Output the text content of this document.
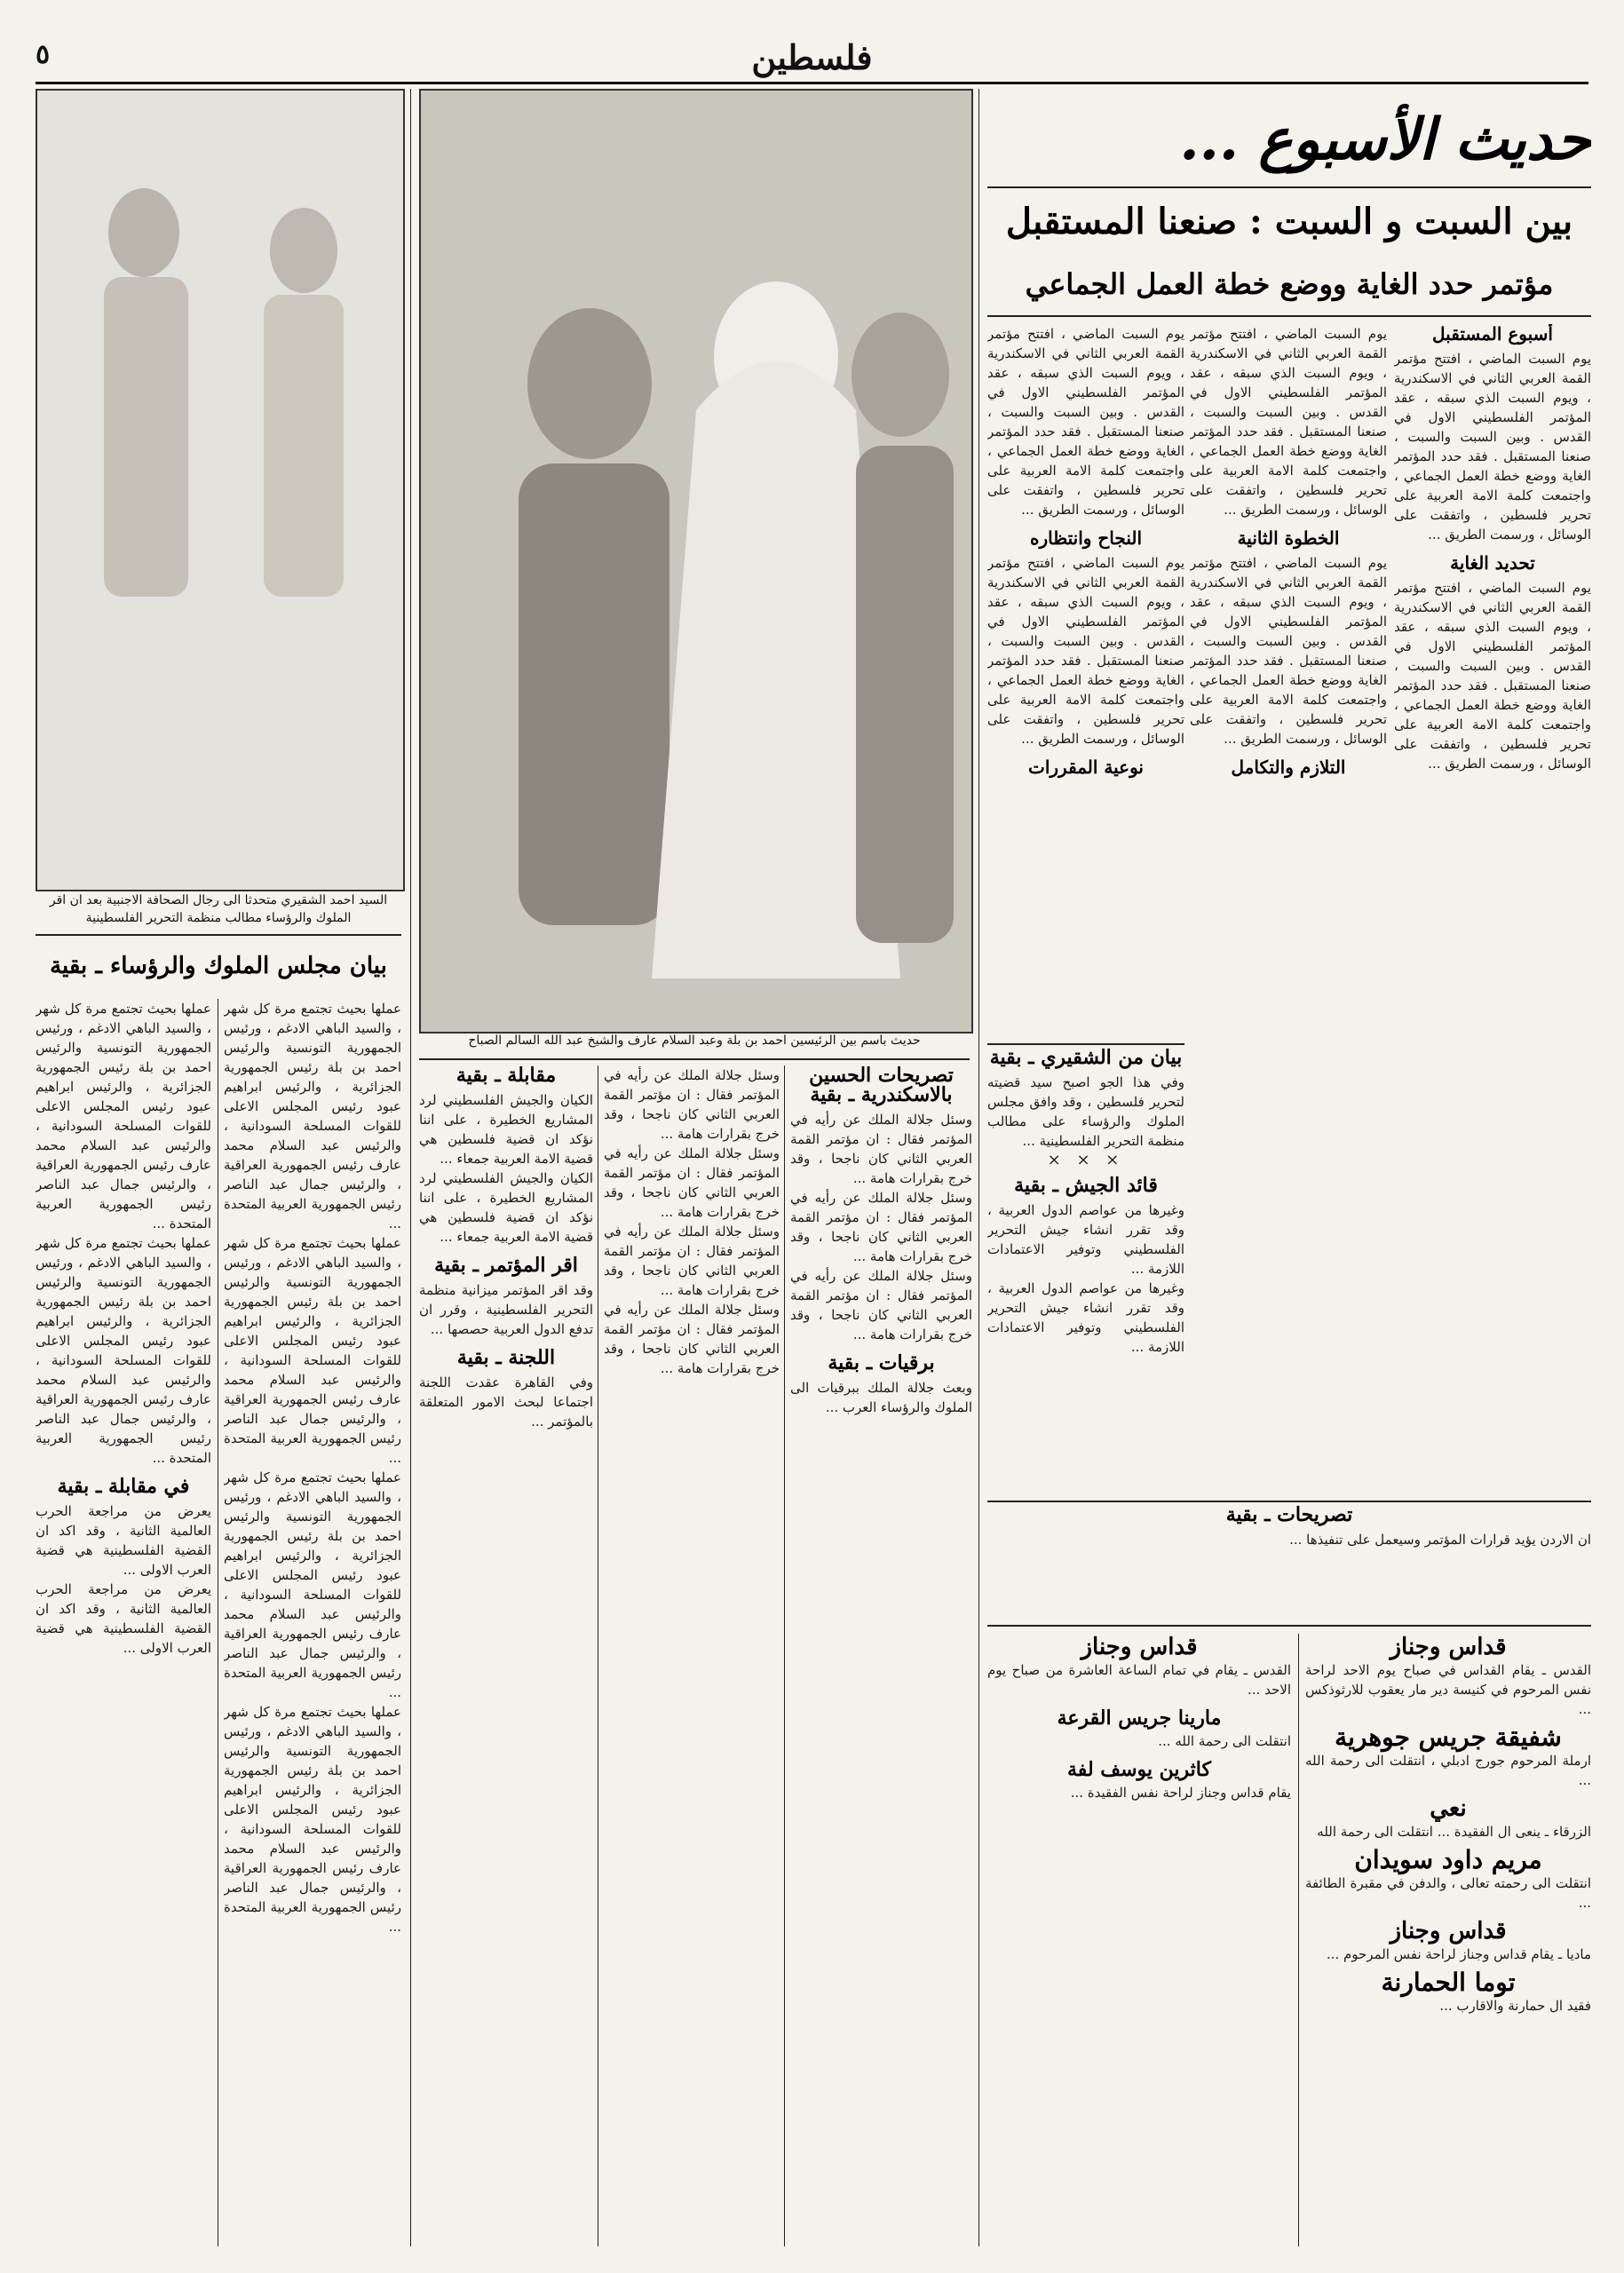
٥	فلسطين
حديث الأسبوع ...
بين السبت و السبت : صنعنا المستقبل
مؤتمر حدد الغاية ووضع خطة العمل الجماعي
أسبوع المستقبل
يوم السبت الماضي ، افتتح مؤتمر القمة العربي الثاني في الاسكندرية ، ويوم السبت الذي سبقه ، عقد المؤتمر الفلسطيني الاول في القدس . وبين السبت والسبت ، صنعنا المستقبل . فقد حدد المؤتمر الغاية ووضع خطة العمل الجماعي ، واجتمعت كلمة الامة العربية على تحرير فلسطين ، واتفقت على الوسائل ، ورسمت الطريق ...
تحديد الغاية
يوم السبت الماضي ، افتتح مؤتمر القمة العربي الثاني في الاسكندرية ، ويوم السبت الذي سبقه ، عقد المؤتمر الفلسطيني الاول في القدس . وبين السبت والسبت ، صنعنا المستقبل . فقد حدد المؤتمر الغاية ووضع خطة العمل الجماعي ، واجتمعت كلمة الامة العربية على تحرير فلسطين ، واتفقت على الوسائل ، ورسمت الطريق ...
يوم السبت الماضي ، افتتح مؤتمر القمة العربي الثاني في الاسكندرية ، ويوم السبت الذي سبقه ، عقد المؤتمر الفلسطيني الاول في القدس . وبين السبت والسبت ، صنعنا المستقبل . فقد حدد المؤتمر الغاية ووضع خطة العمل الجماعي ، واجتمعت كلمة الامة العربية على تحرير فلسطين ، واتفقت على الوسائل ، ورسمت الطريق ...
الخطوة الثانية
يوم السبت الماضي ، افتتح مؤتمر القمة العربي الثاني في الاسكندرية ، ويوم السبت الذي سبقه ، عقد المؤتمر الفلسطيني الاول في القدس . وبين السبت والسبت ، صنعنا المستقبل . فقد حدد المؤتمر الغاية ووضع خطة العمل الجماعي ، واجتمعت كلمة الامة العربية على تحرير فلسطين ، واتفقت على الوسائل ، ورسمت الطريق ...
التلازم والتكامل
يوم السبت الماضي ، افتتح مؤتمر القمة العربي الثاني في الاسكندرية ، ويوم السبت الذي سبقه ، عقد المؤتمر الفلسطيني الاول في القدس . وبين السبت والسبت ، صنعنا المستقبل . فقد حدد المؤتمر الغاية ووضع خطة العمل الجماعي ، واجتمعت كلمة الامة العربية على تحرير فلسطين ، واتفقت على الوسائل ، ورسمت الطريق ...
النجاح وانتظاره
يوم السبت الماضي ، افتتح مؤتمر القمة العربي الثاني في الاسكندرية ، ويوم السبت الذي سبقه ، عقد المؤتمر الفلسطيني الاول في القدس . وبين السبت والسبت ، صنعنا المستقبل . فقد حدد المؤتمر الغاية ووضع خطة العمل الجماعي ، واجتمعت كلمة الامة العربية على تحرير فلسطين ، واتفقت على الوسائل ، ورسمت الطريق ...
نوعية المقررات
بيان من الشقيري ـ بقية
وفي هذا الجو اصبح سيد قضيته لتحرير فلسطين ، وقد وافق مجلس الملوك والرؤساء على مطالب منظمة التحرير الفلسطينية ...
× × ×
قائد الجيش ـ بقية
وغيرها من عواصم الدول العربية ، وقد تقرر انشاء جيش التحرير الفلسطيني وتوفير الاعتمادات اللازمة ...
وغيرها من عواصم الدول العربية ، وقد تقرر انشاء جيش التحرير الفلسطيني وتوفير الاعتمادات اللازمة ...
تصريحات ـ بقية
ان الاردن يؤيد قرارات المؤتمر وسيعمل على تنفيذها ...
قداس وجناز
القدس ـ يقام القداس في صباح يوم الاحد لراحة نفس المرحوم في كنيسة دير مار يعقوب للارثوذكس ...
شفيقة جريس جوهرية
ارملة المرحوم جورج ادبلي ، انتقلت الى رحمة الله ...
نعي
الزرقاء ـ ينعى ال الفقيدة ... انتقلت الى رحمة الله
مريم داود سويدان
انتقلت الى رحمته تعالى ، والدفن في مقبرة الطائفة ...
قداس وجناز
ماديا ـ يقام قداس وجناز لراحة نفس المرحوم ...
توما الحمارنة
فقيد ال حمارنة والاقارب ...
قداس وجناز
القدس ـ يقام في تمام الساعة العاشرة من صباح يوم الاحد ...
مارينا جريس القرعة
انتقلت الى رحمة الله ...
كاثرين يوسف لفة
يقام قداس وجناز لراحة نفس الفقيدة ...
حديث باسم بين الرئيسين احمد بن بلة وعبد السلام عارف والشيخ عبد الله السالم الصباح
تصريحات الحسين بالاسكندرية ـ بقية
وسئل جلالة الملك عن رأيه في المؤتمر فقال : ان مؤتمر القمة العربي الثاني كان ناجحا ، وقد خرج بقرارات هامة ...
وسئل جلالة الملك عن رأيه في المؤتمر فقال : ان مؤتمر القمة العربي الثاني كان ناجحا ، وقد خرج بقرارات هامة ...
وسئل جلالة الملك عن رأيه في المؤتمر فقال : ان مؤتمر القمة العربي الثاني كان ناجحا ، وقد خرج بقرارات هامة ...
برقيات ـ بقية
وبعث جلالة الملك ببرقيات الى الملوك والرؤساء العرب ...
وسئل جلالة الملك عن رأيه في المؤتمر فقال : ان مؤتمر القمة العربي الثاني كان ناجحا ، وقد خرج بقرارات هامة ...
وسئل جلالة الملك عن رأيه في المؤتمر فقال : ان مؤتمر القمة العربي الثاني كان ناجحا ، وقد خرج بقرارات هامة ...
وسئل جلالة الملك عن رأيه في المؤتمر فقال : ان مؤتمر القمة العربي الثاني كان ناجحا ، وقد خرج بقرارات هامة ...
وسئل جلالة الملك عن رأيه في المؤتمر فقال : ان مؤتمر القمة العربي الثاني كان ناجحا ، وقد خرج بقرارات هامة ...
مقابلة ـ بقية
الكيان والجيش الفلسطيني لرد المشاريع الخطيرة ، على اننا نؤكد ان قضية فلسطين هي قضية الامة العربية جمعاء ...
الكيان والجيش الفلسطيني لرد المشاريع الخطيرة ، على اننا نؤكد ان قضية فلسطين هي قضية الامة العربية جمعاء ...
اقر المؤتمر ـ بقية
وقد اقر المؤتمر ميزانية منظمة التحرير الفلسطينية ، وقرر ان تدفع الدول العربية حصصها ...
اللجنة ـ بقية
وفي القاهرة عقدت اللجنة اجتماعا لبحث الامور المتعلقة بالمؤتمر ...
السيد احمد الشقيري متحدثا الى رجال الصحافة الاجنبية بعد ان اقر الملوك والرؤساء مطالب منظمة التحرير الفلسطينية
بيان مجلس الملوك والرؤساء ـ بقية
عملها بحيث تجتمع مرة كل شهر ، والسيد الباهي الادغم ، ورئيس الجمهورية التونسية والرئيس احمد بن بلة رئيس الجمهورية الجزائرية ، والرئيس ابراهيم عبود رئيس المجلس الاعلى للقوات المسلحة السودانية ، والرئيس عبد السلام محمد عارف رئيس الجمهورية العراقية ، والرئيس جمال عبد الناصر رئيس الجمهورية العربية المتحدة ...
عملها بحيث تجتمع مرة كل شهر ، والسيد الباهي الادغم ، ورئيس الجمهورية التونسية والرئيس احمد بن بلة رئيس الجمهورية الجزائرية ، والرئيس ابراهيم عبود رئيس المجلس الاعلى للقوات المسلحة السودانية ، والرئيس عبد السلام محمد عارف رئيس الجمهورية العراقية ، والرئيس جمال عبد الناصر رئيس الجمهورية العربية المتحدة ...
عملها بحيث تجتمع مرة كل شهر ، والسيد الباهي الادغم ، ورئيس الجمهورية التونسية والرئيس احمد بن بلة رئيس الجمهورية الجزائرية ، والرئيس ابراهيم عبود رئيس المجلس الاعلى للقوات المسلحة السودانية ، والرئيس عبد السلام محمد عارف رئيس الجمهورية العراقية ، والرئيس جمال عبد الناصر رئيس الجمهورية العربية المتحدة ...
عملها بحيث تجتمع مرة كل شهر ، والسيد الباهي الادغم ، ورئيس الجمهورية التونسية والرئيس احمد بن بلة رئيس الجمهورية الجزائرية ، والرئيس ابراهيم عبود رئيس المجلس الاعلى للقوات المسلحة السودانية ، والرئيس عبد السلام محمد عارف رئيس الجمهورية العراقية ، والرئيس جمال عبد الناصر رئيس الجمهورية العربية المتحدة ...
عملها بحيث تجتمع مرة كل شهر ، والسيد الباهي الادغم ، ورئيس الجمهورية التونسية والرئيس احمد بن بلة رئيس الجمهورية الجزائرية ، والرئيس ابراهيم عبود رئيس المجلس الاعلى للقوات المسلحة السودانية ، والرئيس عبد السلام محمد عارف رئيس الجمهورية العراقية ، والرئيس جمال عبد الناصر رئيس الجمهورية العربية المتحدة ...
عملها بحيث تجتمع مرة كل شهر ، والسيد الباهي الادغم ، ورئيس الجمهورية التونسية والرئيس احمد بن بلة رئيس الجمهورية الجزائرية ، والرئيس ابراهيم عبود رئيس المجلس الاعلى للقوات المسلحة السودانية ، والرئيس عبد السلام محمد عارف رئيس الجمهورية العراقية ، والرئيس جمال عبد الناصر رئيس الجمهورية العربية المتحدة ...
في مقابلة ـ بقية
يعرض من مراجعة الحرب العالمية الثانية ، وقد اكد ان القضية الفلسطينية هي قضية العرب الاولى ...
يعرض من مراجعة الحرب العالمية الثانية ، وقد اكد ان القضية الفلسطينية هي قضية العرب الاولى ...
